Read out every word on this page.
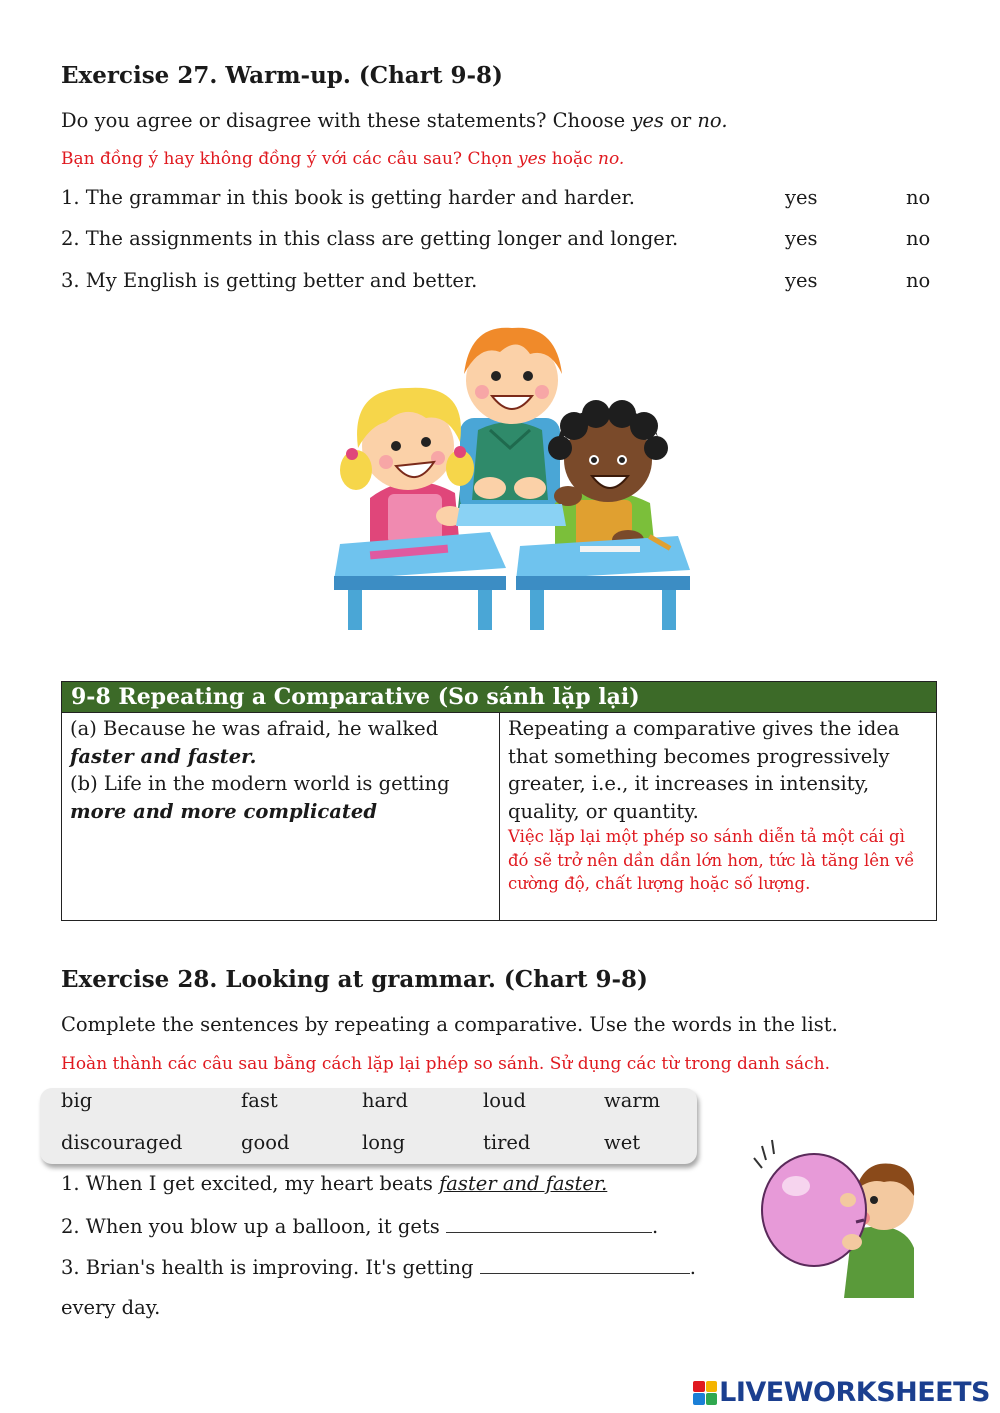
Exercise 27. Warm-up. (Chart 9-8)
Do you agree or disagree with these statements? Choose yes or no.
Bạn đồng ý hay không đồng ý với các câu sau? Chọn yes hoặc no.
1. The grammar in this book is getting harder and harder.	yes	no
2. The assignments in this class are getting longer and longer.	yes	no
3. My English is getting better and better.	yes	no
9-8 Repeating a Comparative (So sánh lặp lại)
(a) Because he was afraid, he walked
faster and faster.
(b) Life in the modern world is getting
more and more complicated
Repeating a comparative gives the idea that something becomes progressively greater, i.e., it increases in intensity, quality, or quantity.
Việc lặp lại một phép so sánh diễn tả một cái gì đó sẽ trở nên dần dần lớn hơn, tức là tăng lên về cường độ, chất lượng hoặc số lượng.
Exercise 28. Looking at grammar. (Chart 9-8)
Complete the sentences by repeating a comparative. Use the words in the list.
Hoàn thành các câu sau bằng cách lặp lại phép so sánh. Sử dụng các từ trong danh sách.
big	fast	hard	loud	warm
discouraged	good	long	tired	wet
1. When I get excited, my heart beats faster and faster.
2. When you blow up a balloon, it gets	.
3. Brian's health is improving. It's getting	.
every day.
LIVEWORKSHEETS
